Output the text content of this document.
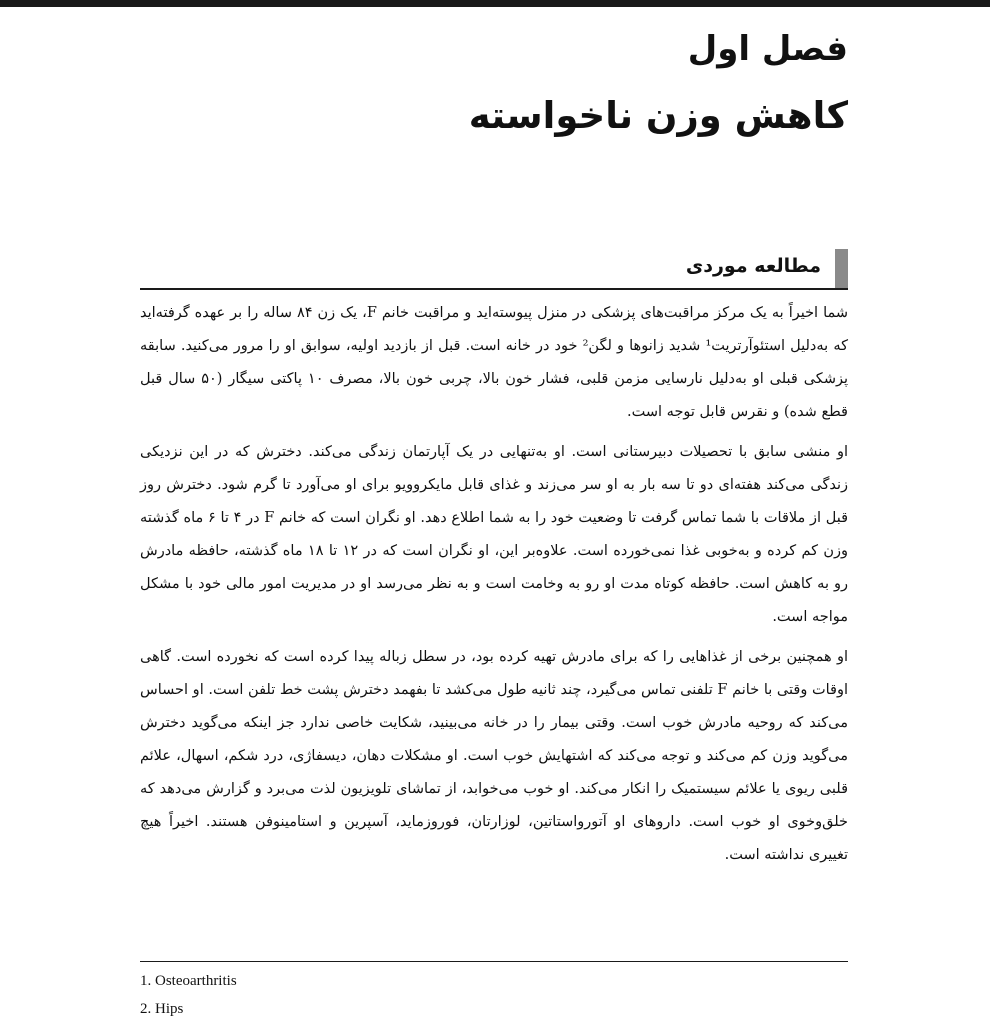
فصل اول
کاهش وزن ناخواسته
مطالعه موردی

شما اخیراً به یک مرکز مراقبت‌های پزشکی در منزل پیوسته‌اید و مراقبت خانم F، یک زن ۸۴ ساله را بر عهده گرفته‌اید که به‌دلیل استئوآرتریت¹ شدید زانوها و لگن² خود در خانه است. قبل از بازدید اولیه، سوابق او را مرور می‌کنید. سابقه پزشکی قبلی او به‌دلیل نارسایی مزمن قلبی، فشار خون بالا، چربی خون بالا، مصرف ۱۰ پاکتی سیگار (۵۰ سال قبل قطع شده) و نقرس قابل توجه است.

او منشی سابق با تحصیلات دبیرستانی است. او به‌تنهایی در یک آپارتمان زندگی می‌کند. دخترش که در این نزدیکی زندگی می‌کند هفته‌ای دو تا سه بار به او سر می‌زند و غذای قابل مایکروویو برای او می‌آورد تا گرم شود. دخترش روز قبل از ملاقات با شما تماس گرفت تا وضعیت خود را به شما اطلاع دهد. او نگران است که خانم F در ۴ تا ۶ ماه گذشته وزن کم کرده و به‌خوبی غذا نمی‌خورده است. علاوه‌بر این، او نگران است که در ۱۲ تا ۱۸ ماه گذشته، حافظه مادرش رو به کاهش است. حافظه کوتاه مدت او رو به وخامت است و به نظر می‌رسد او در مدیریت امور مالی خود با مشکل مواجه است.

او همچنین برخی از غذاهایی را که برای مادرش تهیه کرده بود، در سطل زباله پیدا کرده است که نخورده است. گاهی اوقات وقتی با خانم F تلفنی تماس می‌گیرد، چند ثانیه طول می‌کشد تا بفهمد دخترش پشت خط تلفن است. او احساس می‌کند که روحیه مادرش خوب است. وقتی بیمار را در خانه می‌بینید، شکایت خاصی ندارد جز اینکه می‌گوید دخترش می‌گوید وزن کم می‌کند و توجه می‌کند که اشتهایش خوب است. او مشکلات دهان، دیسفاژی، درد شکم، اسهال، علائم قلبی ریوی یا علائم سیستمیک را انکار می‌کند. او خوب می‌خوابد، از تماشای تلویزیون لذت می‌برد و گزارش می‌دهد که خلق‌وخوی او خوب است. داروهای او آتورواستاتین، لوزارتان، فوروزماید، آسپرین و استامینوفن هستند. اخیراً هیچ تغییری نداشته است.

1. Osteoarthritis
2. Hips
